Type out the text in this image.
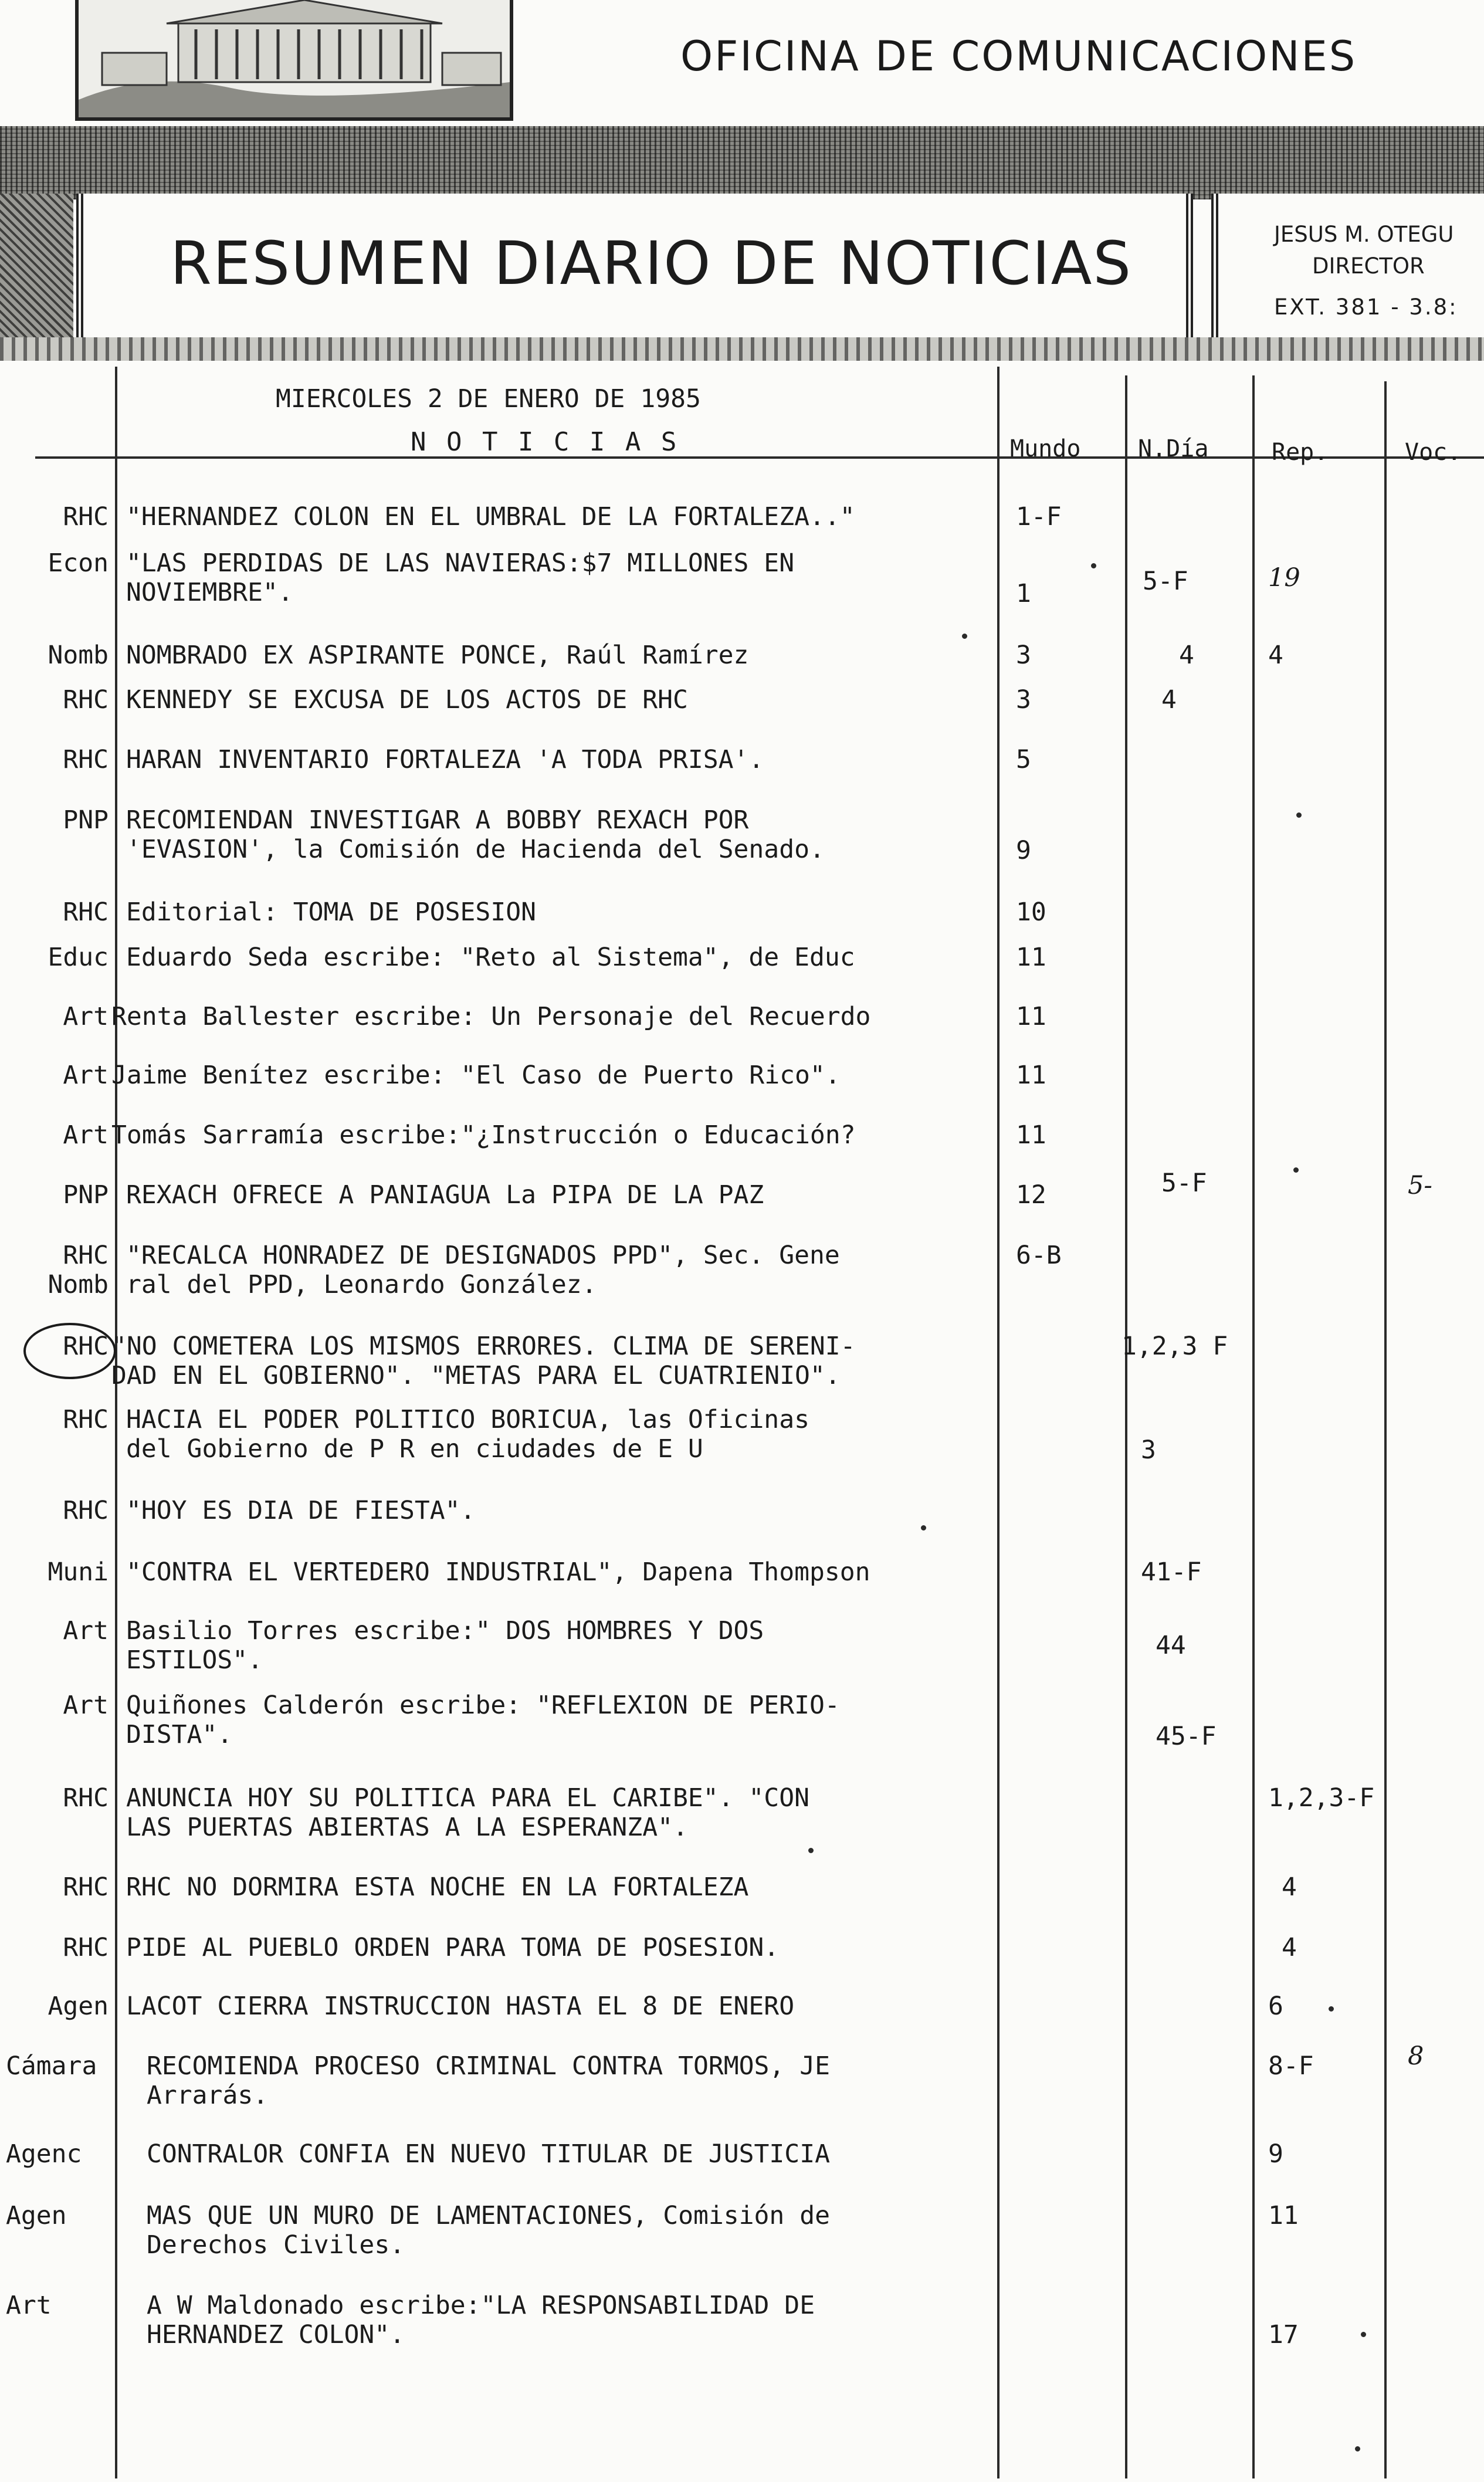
OFICINA DE COMUNICACIONES
RESUMEN DIARIO DE NOTICIAS	JESUS M. OTEGU
DIRECTOR
EXT. 381 - 3.8:
MIERCOLES 2 DE ENERO DE 1985
N O T I C I A S	Mundo N.Día	Rep.	Voc.
RHC "HERNANDEZ COLON EN EL UMBRAL DE LA FORTALEZA.."	1-F
Econ "LAS PERDIDAS DE LAS NAVIERAS:$7 MILLONES EN
NOVIEMBRE".	1	5-F	19
Nomb NOMBRADO EX ASPIRANTE PONCE, Raúl Ramírez	3	4	4
RHC KENNEDY SE EXCUSA DE LOS ACTOS DE RHC	3	4
RHC HARAN INVENTARIO FORTALEZA 'A TODA PRISA'.	5
PNP RECOMIENDAN INVESTIGAR A BOBBY REXACH POR
'EVASION', la Comisión de Hacienda del Senado.	9
RHC Editorial: TOMA DE POSESION	10
Educ Eduardo Seda escribe: "Reto al Sistema", de Educ	11
Art Renta Ballester escribe: Un Personaje del Recuerdo	11
Art Jaime Benítez escribe: "El Caso de Puerto Rico".	11
Art Tomás Sarramía escribe:"¿Instrucción o Educación?	11
PNP REXACH OFRECE A PANIAGUA La PIPA DE LA PAZ	12	5-F	5-
RHC
Nomb
"RECALCA HONRADEZ DE DESIGNADOS PPD", Sec. Gene
ral del PPD, Leonardo González.
6-B
RHC "NO COMETERA LOS MISMOS ERRORES. CLIMA DE SERENI-
DAD EN EL GOBIERNO". "METAS PARA EL CUATRIENIO".
1,2,3 F
RHC HACIA EL PODER POLITICO BORICUA, las Oficinas
del Gobierno de P R en ciudades de E U	3
RHC "HOY ES DIA DE FIESTA".
Muni "CONTRA EL VERTEDERO INDUSTRIAL", Dapena Thompson	41-F
Art Basilio Torres escribe:" DOS HOMBRES Y DOS
ESTILOS".	44
Art Quiñones Calderón escribe: "REFLEXION DE PERIO-
DISTA".	45-F
RHC ANUNCIA HOY SU POLITICA PARA EL CARIBE". "CON
LAS PUERTAS ABIERTAS A LA ESPERANZA".
1,2,3-F
RHC RHC NO DORMIRA ESTA NOCHE EN LA FORTALEZA	4
RHC PIDE AL PUEBLO ORDEN PARA TOMA DE POSESION.	4
Agen LACOT CIERRA INSTRUCCION HASTA EL 8 DE ENERO	6
Cámara	RECOMIENDA PROCESO CRIMINAL CONTRA TORMOS, JE
Arrarás.
8-F	8
Agenc	CONTRALOR CONFIA EN NUEVO TITULAR DE JUSTICIA	9
Agen	MAS QUE UN MURO DE LAMENTACIONES, Comisión de
Derechos Civiles.
11
Art	A W Maldonado escribe:"LA RESPONSABILIDAD DE
HERNANDEZ COLON".	17
